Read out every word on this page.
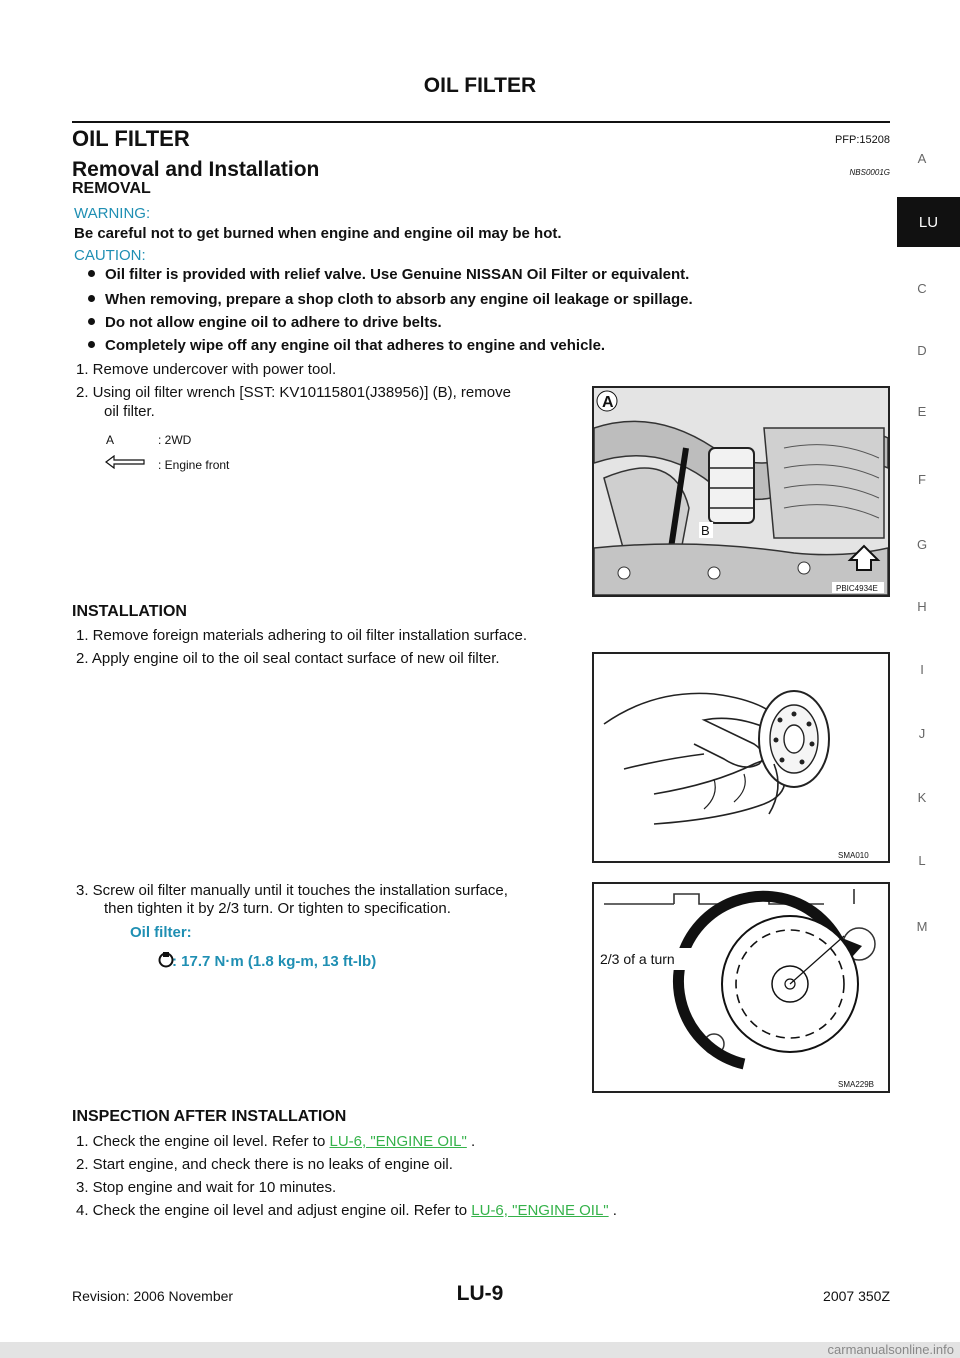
OIL FILTER
OIL FILTER	PFP:15208
Removal and Installation	NBS0001G
REMOVAL
WARNING:
Be careful not to get burned when engine and engine oil may be hot.
CAUTION:
Oil filter is provided with relief valve. Use Genuine NISSAN Oil Filter or equivalent.
When removing, prepare a shop cloth to absorb any engine oil leakage or spillage.
Do not allow engine oil to adhere to drive belts.
Completely wipe off any engine oil that adheres to engine and vehicle.
1. Remove undercover with power tool.
2. Using oil filter wrench [SST: KV10115801(J38956)] (B), remove
oil filter.
A	: 2WD
: Engine front
A
B
PBIC4934E
INSTALLATION
1. Remove foreign materials adhering to oil filter installation surface.
2. Apply engine oil to the oil seal contact surface of new oil filter.
SMA010
3. Screw oil filter manually until it touches the installation surface,
then tighten it by 2/3 turn. Or tighten to specification.
Oil filter:
: 17.7 N·m (1.8 kg-m, 13 ft-lb)	2/3 of a turn
SMA229B
INSPECTION AFTER INSTALLATION
1. Check the engine oil level. Refer to LU-6, "ENGINE OIL" .
2. Start engine, and check there is no leaks of engine oil.
3. Stop engine and wait for 10 minutes.
4. Check the engine oil level and adjust engine oil. Refer to LU-6, "ENGINE OIL" .
A
LU
C
D
E
F
G
H
I
J
K
L
M
Revision: 2006 November	LU-9	2007 350Z
carmanualsonline.info
